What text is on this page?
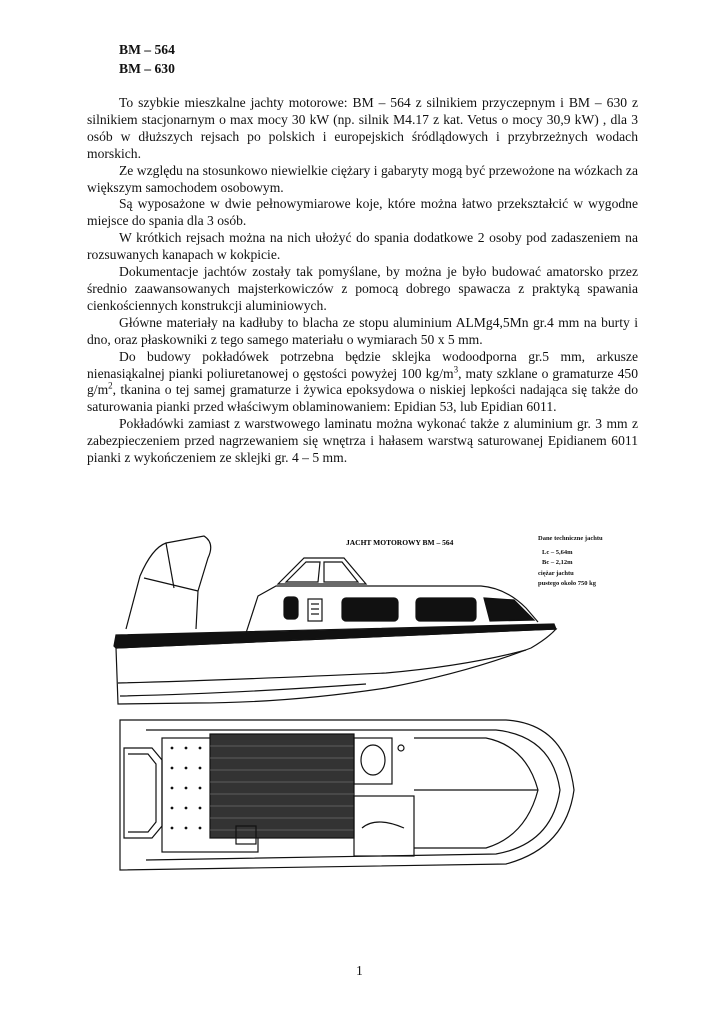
BM – 564
BM – 630

To szybkie mieszkalne jachty motorowe: BM – 564 z silnikiem przyczepnym i BM – 630 z silnikiem stacjonarnym o max mocy 30 kW (np. silnik M4.17 z kat. Vetus o mocy 30,9 kW) , dla 3 osób w dłuższych rejsach po polskich i europejskich śródlądowych i przybrzeżnych wodach morskich.

Ze względu na stosunkowo niewielkie ciężary i gabaryty mogą być przewożone na wózkach za większym samochodem osobowym.

Są wyposażone w dwie pełnowymiarowe koje, które można łatwo przekształcić w wygodne miejsce do spania dla 3 osób.

W krótkich rejsach można na nich ułożyć do spania dodatkowe 2 osoby pod zadaszeniem na rozsuwanych kanapach w kokpicie.

Dokumentacje jachtów zostały tak pomyślane, by można je było budować amatorsko przez średnio zaawansowanych majsterkowiczów z pomocą dobrego spawacza z praktyką spawania cienkościennych konstrukcji aluminiowych.

Główne materiały na kadłuby to blacha ze stopu aluminium ALMg4,5Mn gr.4 mm na burty i dno, oraz płaskowniki z tego samego materiału o wymiarach 50 x 5 mm.

Do budowy pokładówek potrzebna będzie sklejka wodoodporna gr.5 mm, arkusze nienasiąkalnej pianki poliuretanowej o gęstości powyżej 100 $kg/m^3$, maty szklane o gramaturze 450 $g/m^2$, tkanina o tej samej gramaturze i żywica epoksydowa o niskiej lepkości nadająca się także do saturowania pianki przed właściwym oblaminowaniem: Epidian 53, lub Epidian 6011.

Pokładówki zamiast z warstwowego laminatu można wykonać także z aluminium gr. 3 mm z zabezpieczeniem przed nagrzewaniem się wnętrza i hałasem warstwą saturowanej Epidianem 6011 pianki z wykończeniem ze sklejki gr. 4 – 5 mm.

JACHT MOTOROWY BM – 564	Dane techniczne jachtu
Lc – 5,64m
Bc – 2,12m
ciężar jachtu
pustego około 750 kg
1
